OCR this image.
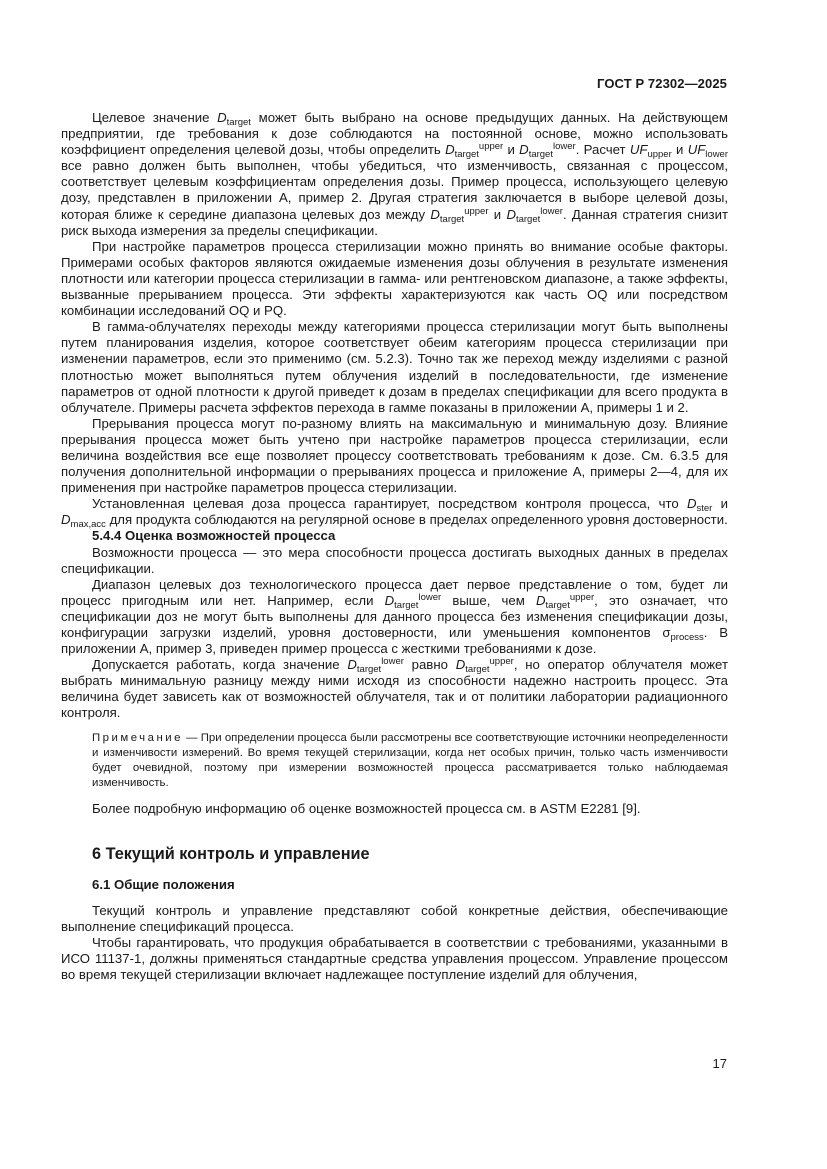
ГОСТ Р 72302—2025

Целевое значение $D_{target}$ может быть выбрано на основе предыдущих данных. На действующем предприятии, где требования к дозе соблюдаются на постоянной основе, можно использовать коэффициент определения целевой дозы, чтобы определить $D_{target}^{upper}$ и $D_{target}^{lower}$. Расчет $UF_{upper}$ и $UF_{lower}$ все равно должен быть выполнен, чтобы убедиться, что изменчивость, связанная с процессом, соответствует целевым коэффициентам определения дозы. Пример процесса, использующего целевую дозу, представлен в приложении А, пример 2. Другая стратегия заключается в выборе целевой дозы, которая ближе к середине диапазона целевых доз между $D_{target}^{upper}$ и $D_{target}^{lower}$. Данная стратегия снизит риск выхода измерения за пределы спецификации.

При настройке параметров процесса стерилизации можно принять во внимание особые факторы. Примерами особых факторов являются ожидаемые изменения дозы облучения в результате изменения плотности или категории процесса стерилизации в гамма- или рентгеновском диапазоне, а также эффекты, вызванные прерыванием процесса. Эти эффекты характеризуются как часть OQ или посредством комбинации исследований OQ и PQ.

В гамма-облучателях переходы между категориями процесса стерилизации могут быть выполнены путем планирования изделия, которое соответствует обеим категориям процесса стерилизации при изменении параметров, если это применимо (см. 5.2.3). Точно так же переход между изделиями с разной плотностью может выполняться путем облучения изделий в последовательности, где изменение параметров от одной плотности к другой приведет к дозам в пределах спецификации для всего продукта в облучателе. Примеры расчета эффектов перехода в гамме показаны в приложении А, примеры 1 и 2.

Прерывания процесса могут по-разному влиять на максимальную и минимальную дозу. Влияние прерывания процесса может быть учтено при настройке параметров процесса стерилизации, если величина воздействия все еще позволяет процессу соответствовать требованиям к дозе. См. 6.3.5 для получения дополнительной информации о прерываниях процесса и приложение А, примеры 2—4, для их применения при настройке параметров процесса стерилизации.

Установленная целевая доза процесса гарантирует, посредством контроля процесса, что $D_{ster}$ и $D_{max,acc}$ для продукта соблюдаются на регулярной основе в пределах определенного уровня достоверности.

5.4.4 Оценка возможностей процесса

Возможности процесса — это мера способности процесса достигать выходных данных в пределах спецификации.

Диапазон целевых доз технологического процесса дает первое представление о том, будет ли процесс пригодным или нет. Например, если $D_{target}^{lower}$ выше, чем $D_{target}^{upper}$, это означает, что спецификации доз не могут быть выполнены для данного процесса без изменения спецификации дозы, конфигурации загрузки изделий, уровня достоверности, или уменьшения компонентов $\sigma_{process}$. В приложении А, пример 3, приведен пример процесса с жесткими требованиями к дозе.

Допускается работать, когда значение $D_{target}^{lower}$ равно $D_{target}^{upper}$, но оператор облучателя может выбрать минимальную разницу между ними исходя из способности надежно настроить процесс. Эта величина будет зависеть как от возможностей облучателя, так и от политики лаборатории радиационного контроля.

Примечание — При определении процесса были рассмотрены все соответствующие источники неопределенности и изменчивости измерений. Во время текущей стерилизации, когда нет особых причин, только часть изменчивости будет очевидной, поэтому при измерении возможностей процесса рассматривается только наблюдаемая изменчивость.

Более подробную информацию об оценке возможностей процесса см. в ASTM E2281 [9].

6 Текущий контроль и управление
6.1 Общие положения

Текущий контроль и управление представляют собой конкретные действия, обеспечивающие выполнение спецификаций процесса.

Чтобы гарантировать, что продукция обрабатывается в соответствии с требованиями, указанными в ИСО 11137-1, должны применяться стандартные средства управления процессом. Управление процессом во время текущей стерилизации включает надлежащее поступление изделий для облучения,

17
